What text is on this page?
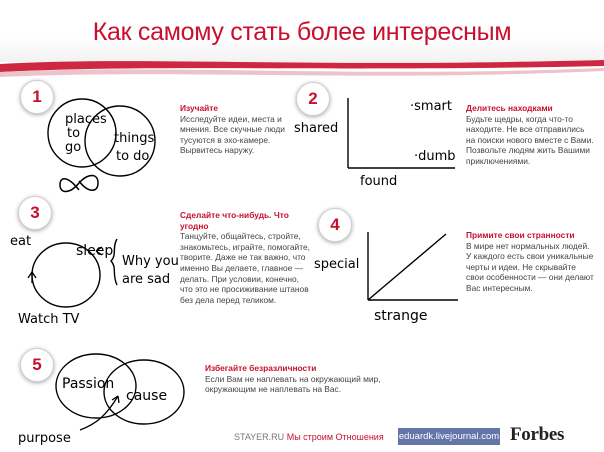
Как самому стать более интересным
1
places
to
go
things
to do
Изучайте
Исследуйте идеи, места и мнения. Все скучные люди тусуются в эхо-камере. Вырвитесь наружу.
2
shared
found
·smart
·dumb
Делитесь находками
Будьте щедры, когда что-то находите. Не все отправились на поиски нового вместе с Вами. Позвольте людям жить Вашими приключениями.
3
eat
sleep
Watch TV
Why you
are sad
Сделайте что-нибудь. Что угодно
Танцуйте, общайтесь, стройте, знакомьтесь, играйте, помогайте, творите. Даже не так важно, что именно Вы делаете, главное — делать. При условии, конечно, что это не просиживание штанов без дела перед теликом.
4
special
strange
Примите свои странности
В мире нет нормальных людей. У каждого есть свои уникальные черты и идеи. Не скрывайте свои особенности — они делают Вас интересным.
5
Passion
cause
purpose
Избегайте безразличности
Если Вам не наплевать на окружающий мир, окружающим не наплевать на Вас.
STAYER.RU Мы строим Отношения eduardk.livejournal.com Forbes
